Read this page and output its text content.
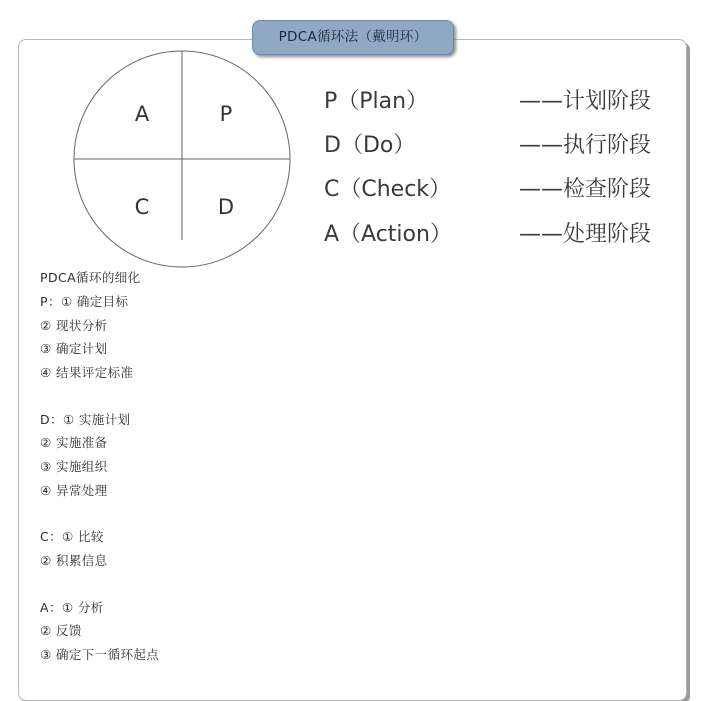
PDCA循环法（戴明环）
A	P
C	D
P（Plan）	——计划阶段
D（Do）	——执行阶段
C（Check）	——检查阶段
A（Action）	——处理阶段
PDCA循环的细化
P：① 确定目标
② 现状分析
③ 确定计划
④ 结果评定标准
D：① 实施计划
② 实施准备
③ 实施组织
④ 异常处理
C：① 比较
② 积累信息
A：① 分析
② 反馈
③ 确定下一循环起点
